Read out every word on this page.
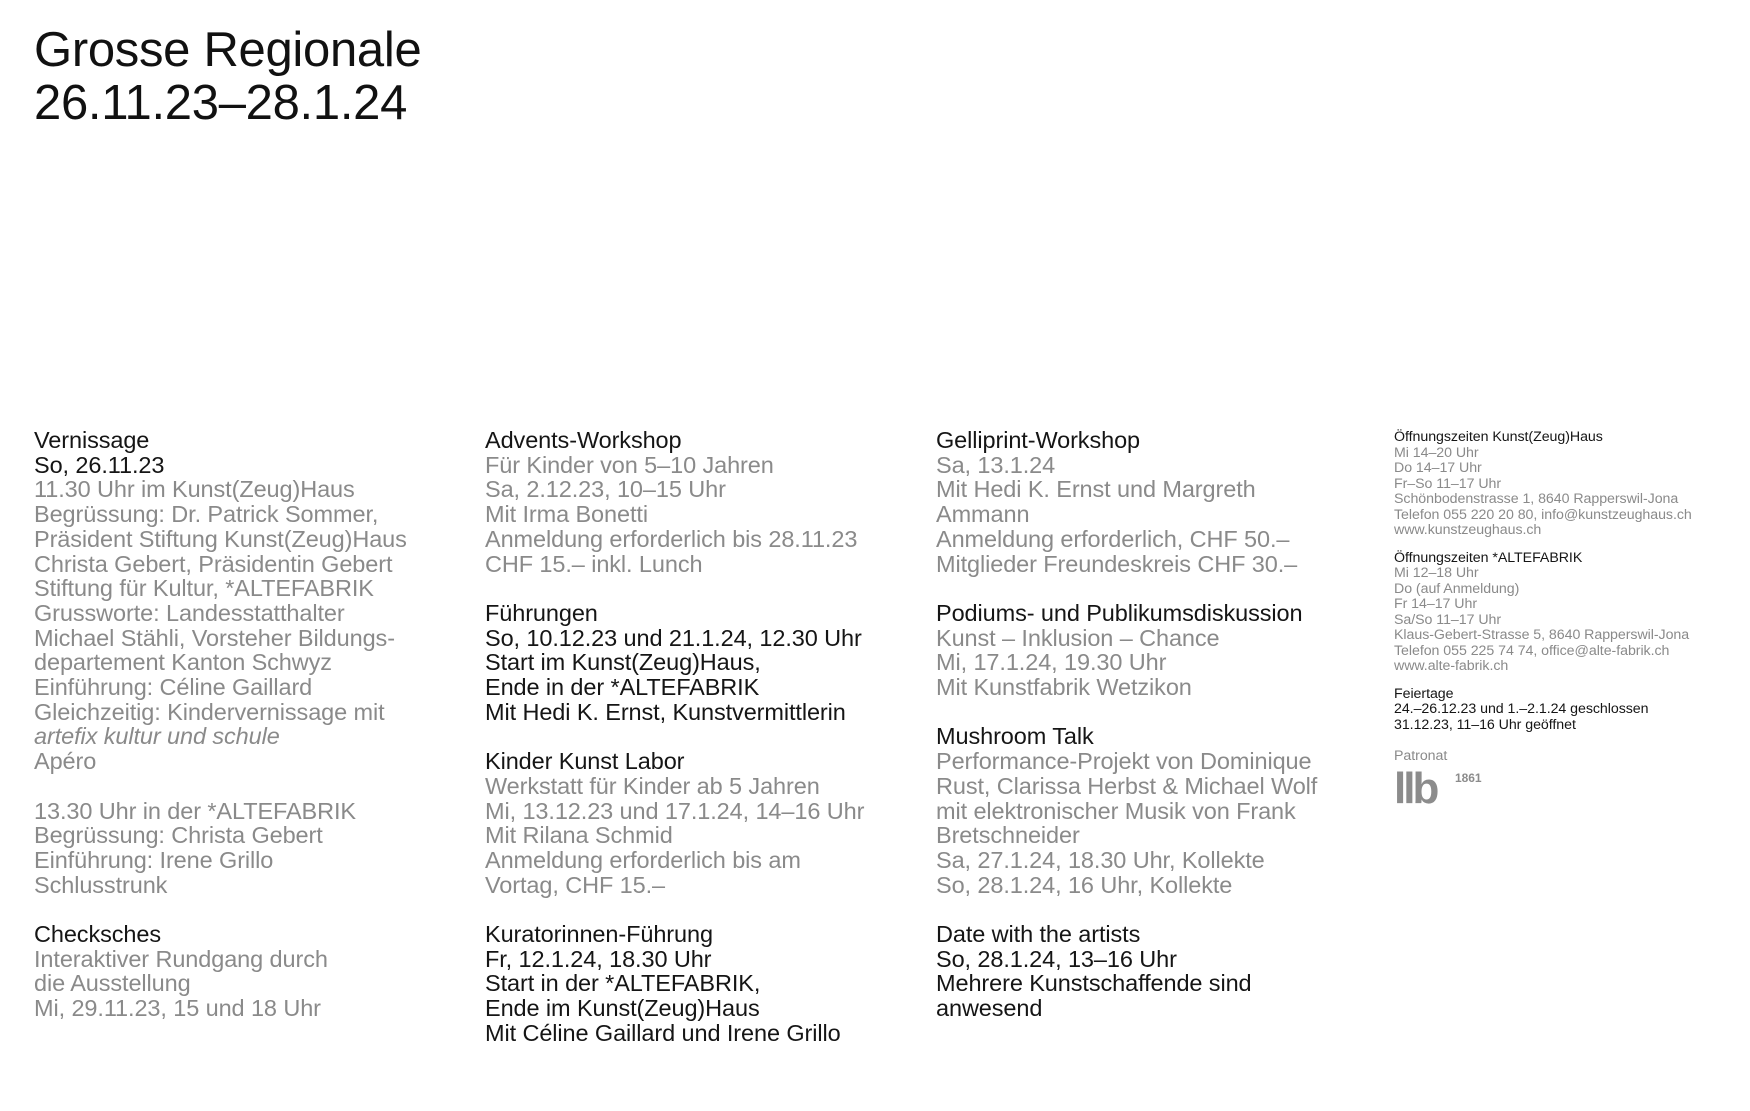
Grosse Regionale
26.11.23–28.1.24
Vernissage
So, 26.11.23
11.30 Uhr im Kunst(Zeug)Haus
Begrüssung: Dr. Patrick Sommer,
Präsident Stiftung Kunst(Zeug)Haus
Christa Gebert, Präsidentin Gebert
Stiftung für Kultur, *ALTEFABRIK
Grussworte: Landesstatthalter
Michael Stähli, Vorsteher Bildungs-
departement Kanton Schwyz
Einführung: Céline Gaillard
Gleichzeitig: Kindervernissage mit
artefix kultur und schule
Apéro
13.30 Uhr in der *ALTEFABRIK
Begrüssung: Christa Gebert
Einführung: Irene Grillo
Schlusstrunk
Checksches
Interaktiver Rundgang durch
die Ausstellung
Mi, 29.11.23, 15 und 18 Uhr
Advents-Workshop
Für Kinder von 5–10 Jahren
Sa, 2.12.23, 10–15 Uhr
Mit Irma Bonetti
Anmeldung erforderlich bis 28.11.23
CHF 15.– inkl. Lunch
Führungen
So, 10.12.23 und 21.1.24, 12.30 Uhr
Start im Kunst(Zeug)Haus,
Ende in der *ALTEFABRIK
Mit Hedi K. Ernst, Kunstvermittlerin
Kinder Kunst Labor
Werkstatt für Kinder ab 5 Jahren
Mi, 13.12.23 und 17.1.24, 14–16 Uhr
Mit Rilana Schmid
Anmeldung erforderlich bis am
Vortag, CHF 15.–
Kuratorinnen-Führung
Fr, 12.1.24, 18.30 Uhr
Start in der *ALTEFABRIK,
Ende im Kunst(Zeug)Haus
Mit Céline Gaillard und Irene Grillo
Gelliprint-Workshop
Sa, 13.1.24
Mit Hedi K. Ernst und Margreth
Ammann
Anmeldung erforderlich, CHF 50.–
Mitglieder Freundeskreis CHF 30.–
Podiums- und Publikumsdiskussion
Kunst – Inklusion – Chance
Mi, 17.1.24, 19.30 Uhr
Mit Kunstfabrik Wetzikon
Mushroom Talk
Performance-Projekt von Dominique
Rust, Clarissa Herbst & Michael Wolf
mit elektronischer Musik von Frank
Bretschneider
Sa, 27.1.24, 18.30 Uhr, Kollekte
So, 28.1.24, 16 Uhr, Kollekte
Date with the artists
So, 28.1.24, 13–16 Uhr
Mehrere Kunstschaffende sind
anwesend
Öffnungszeiten Kunst(Zeug)Haus
Mi 14–20 Uhr
Do 14–17 Uhr
Fr–So 11–17 Uhr
Schönbodenstrasse 1, 8640 Rapperswil-Jona
Telefon 055 220 20 80, info@kunstzeughaus.ch
www.kunstzeughaus.ch
Öffnungszeiten *ALTEFABRIK
Mi 12–18 Uhr
Do (auf Anmeldung)
Fr 14–17 Uhr
Sa/So 11–17 Uhr
Klaus-Gebert-Strasse 5, 8640 Rapperswil-Jona
Telefon 055 225 74 74, office@alte-fabrik.ch
www.alte-fabrik.ch
Feiertage
24.–26.12.23 und 1.–2.1.24 geschlossen
31.12.23, 11–16 Uhr geöffnet
Patronat
llb 1861
